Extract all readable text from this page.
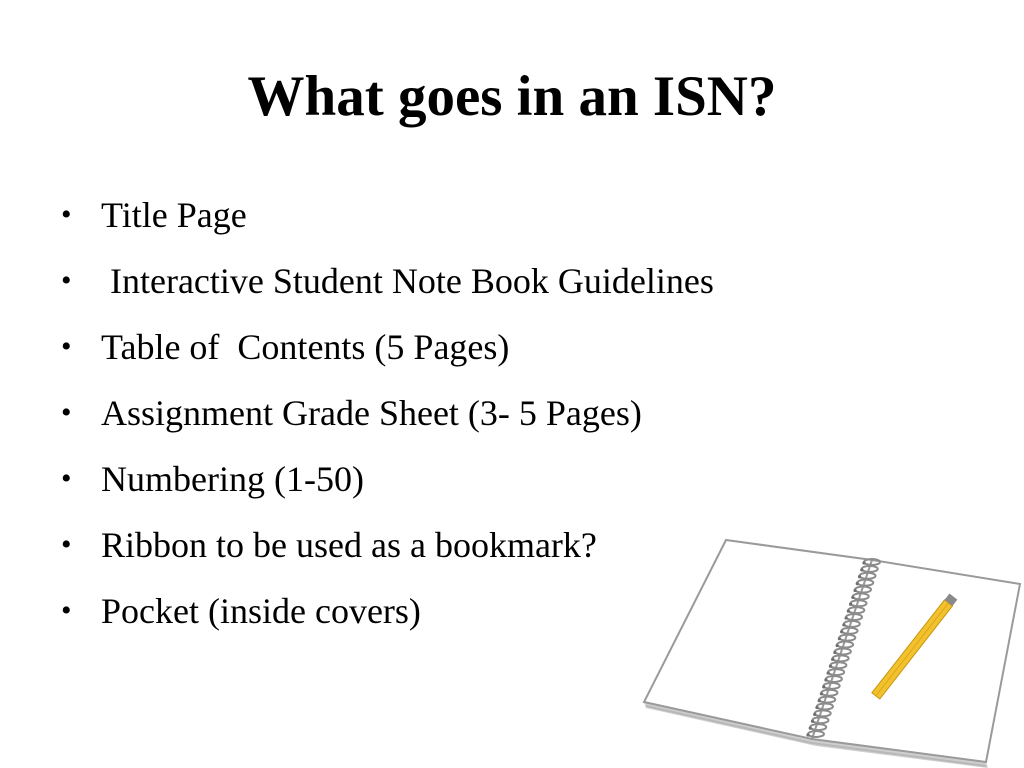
What goes in an ISN?
• Title Page
• Interactive Student Note Book Guidelines
• Table of  Contents (5 Pages)
• Assignment Grade Sheet (3- 5 Pages)
• Numbering (1-50)
• Ribbon to be used as a bookmark?
• Pocket (inside covers)
